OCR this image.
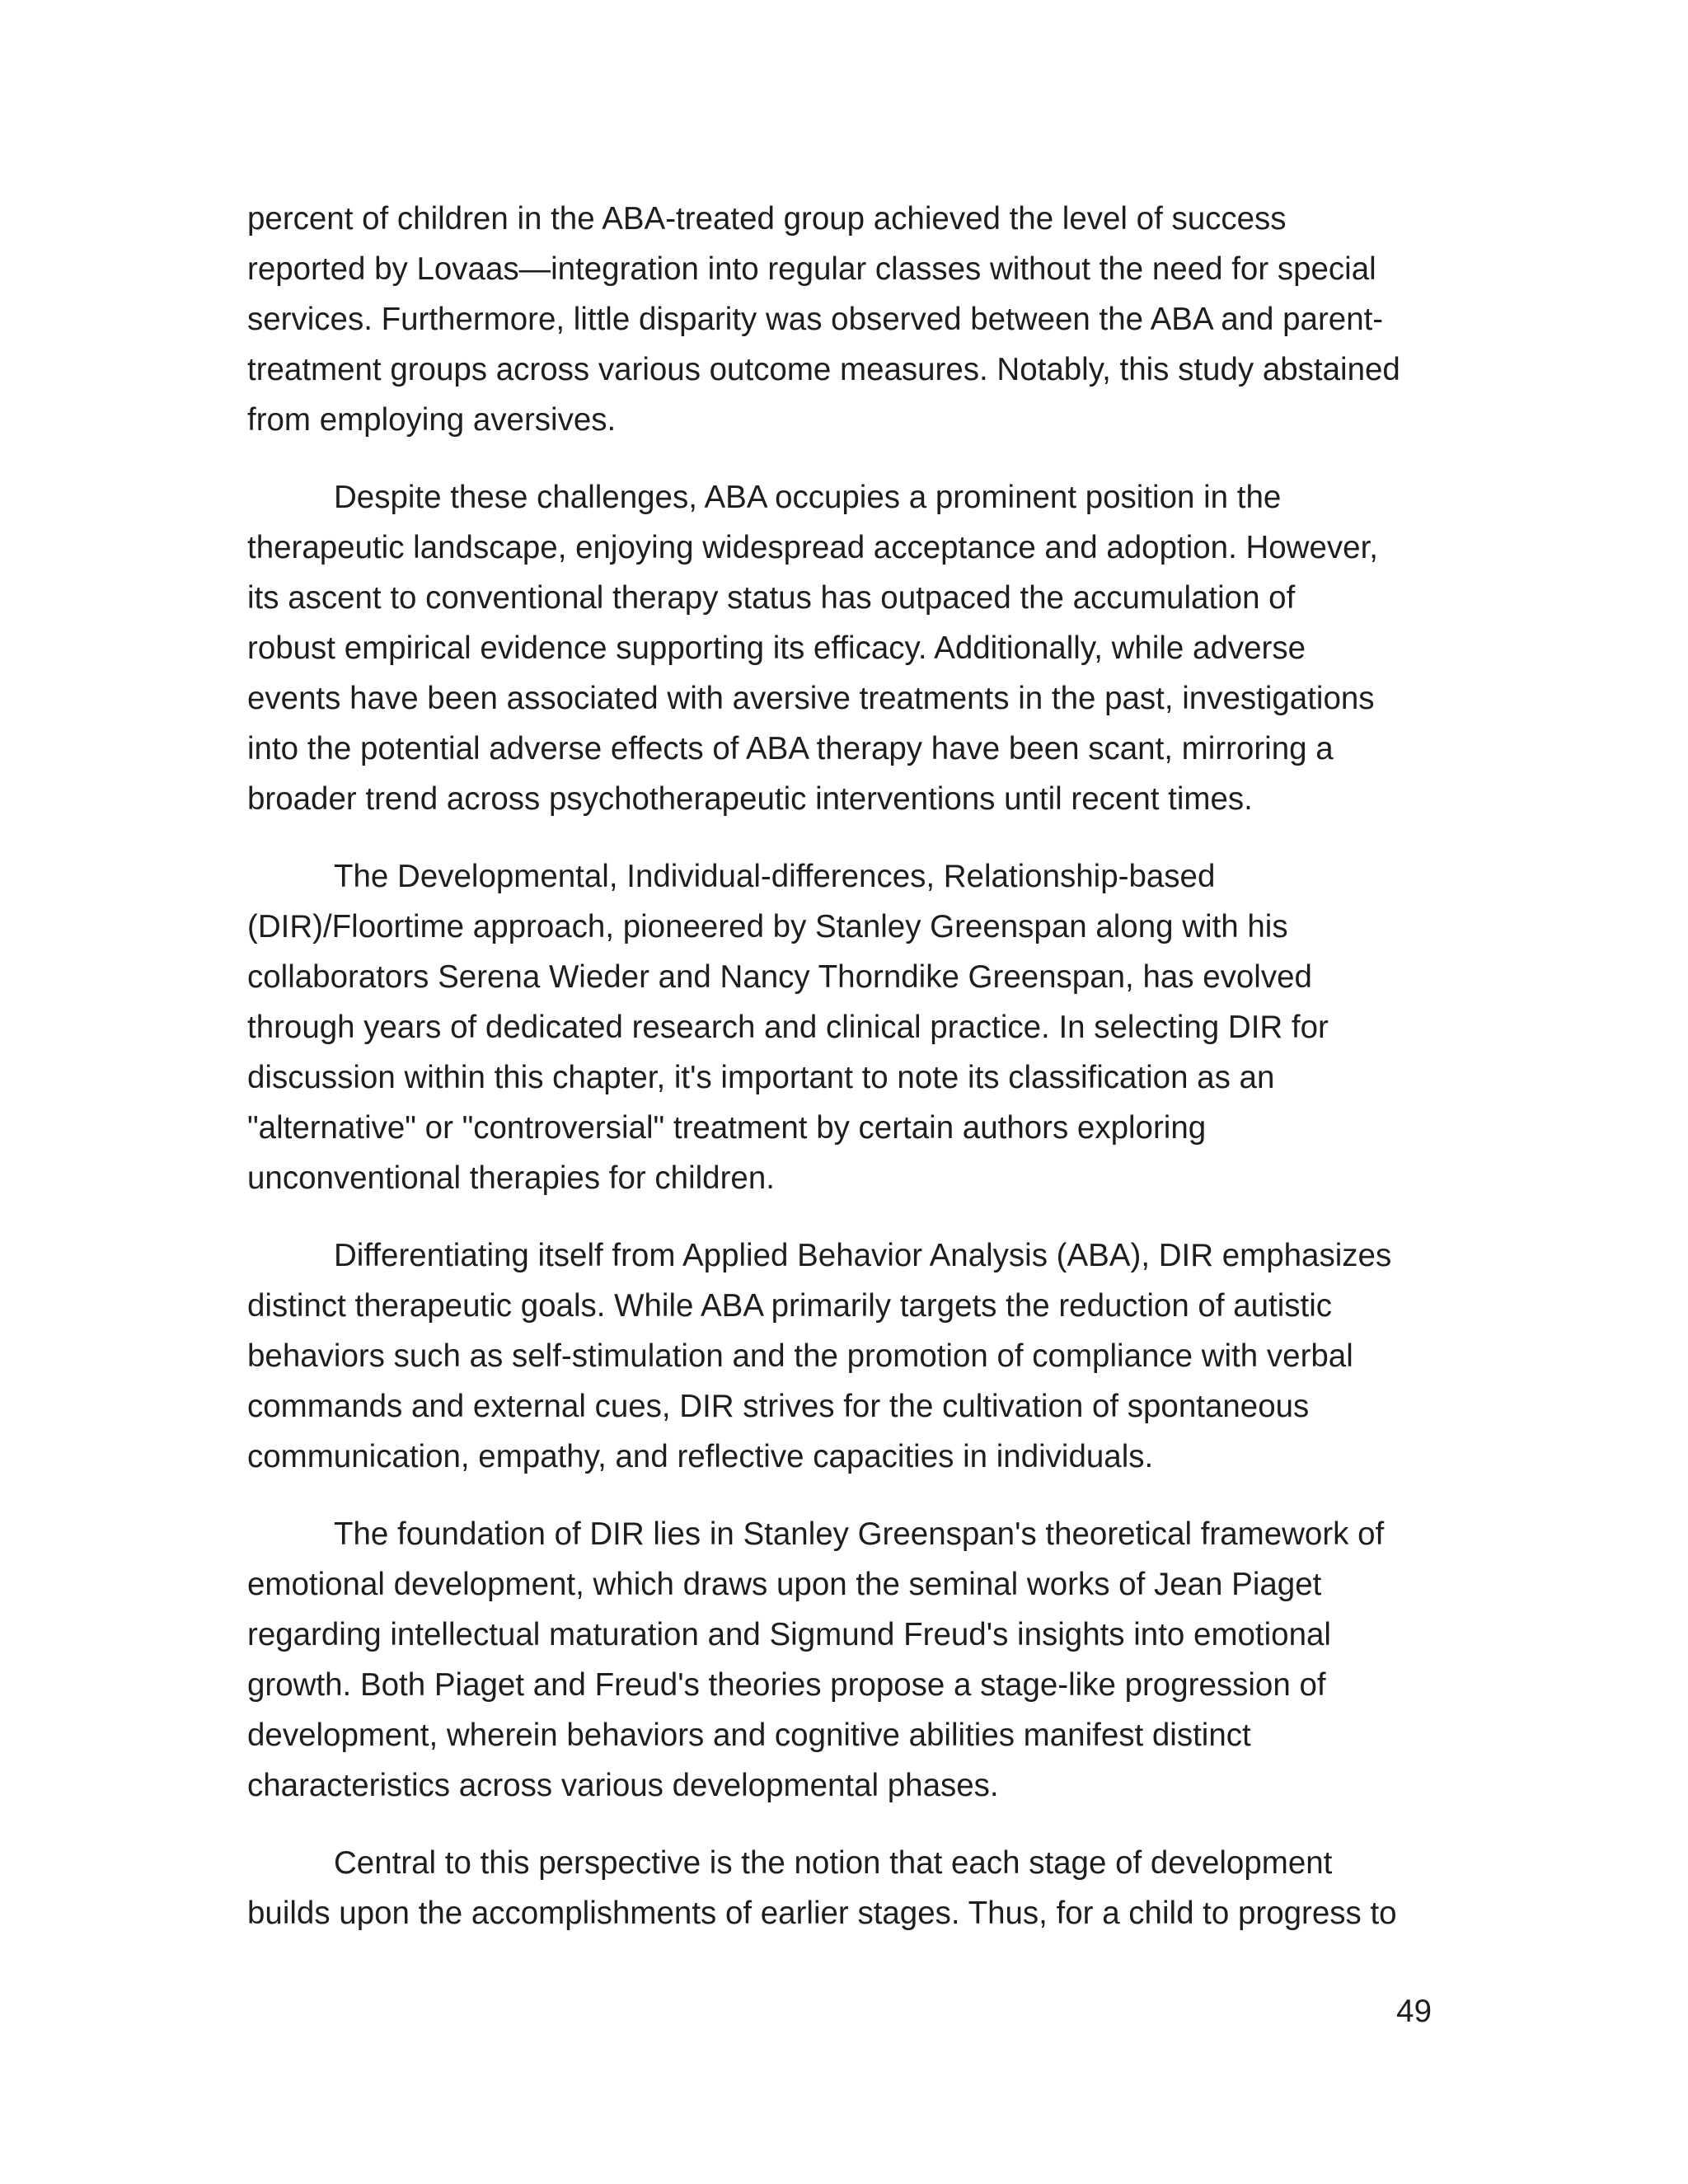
percent of children in the ABA-treated group achieved the level of success
reported by Lovaas—integration into regular classes without the need for special
services. Furthermore, little disparity was observed between the ABA and parent-
treatment groups across various outcome measures. Notably, this study abstained
from employing aversives.

Despite these challenges, ABA occupies a prominent position in the
therapeutic landscape, enjoying widespread acceptance and adoption. However,
its ascent to conventional therapy status has outpaced the accumulation of
robust empirical evidence supporting its efficacy. Additionally, while adverse
events have been associated with aversive treatments in the past, investigations
into the potential adverse effects of ABA therapy have been scant, mirroring a
broader trend across psychotherapeutic interventions until recent times.

The Developmental, Individual-differences, Relationship-based
(DIR)/Floortime approach, pioneered by Stanley Greenspan along with his
collaborators Serena Wieder and Nancy Thorndike Greenspan, has evolved
through years of dedicated research and clinical practice. In selecting DIR for
discussion within this chapter, it's important to note its classification as an
"alternative" or "controversial" treatment by certain authors exploring
unconventional therapies for children.

Differentiating itself from Applied Behavior Analysis (ABA), DIR emphasizes
distinct therapeutic goals. While ABA primarily targets the reduction of autistic
behaviors such as self-stimulation and the promotion of compliance with verbal
commands and external cues, DIR strives for the cultivation of spontaneous
communication, empathy, and reflective capacities in individuals.

The foundation of DIR lies in Stanley Greenspan's theoretical framework of
emotional development, which draws upon the seminal works of Jean Piaget
regarding intellectual maturation and Sigmund Freud's insights into emotional
growth. Both Piaget and Freud's theories propose a stage-like progression of
development, wherein behaviors and cognitive abilities manifest distinct
characteristics across various developmental phases.

Central to this perspective is the notion that each stage of development
builds upon the accomplishments of earlier stages. Thus, for a child to progress to

49
